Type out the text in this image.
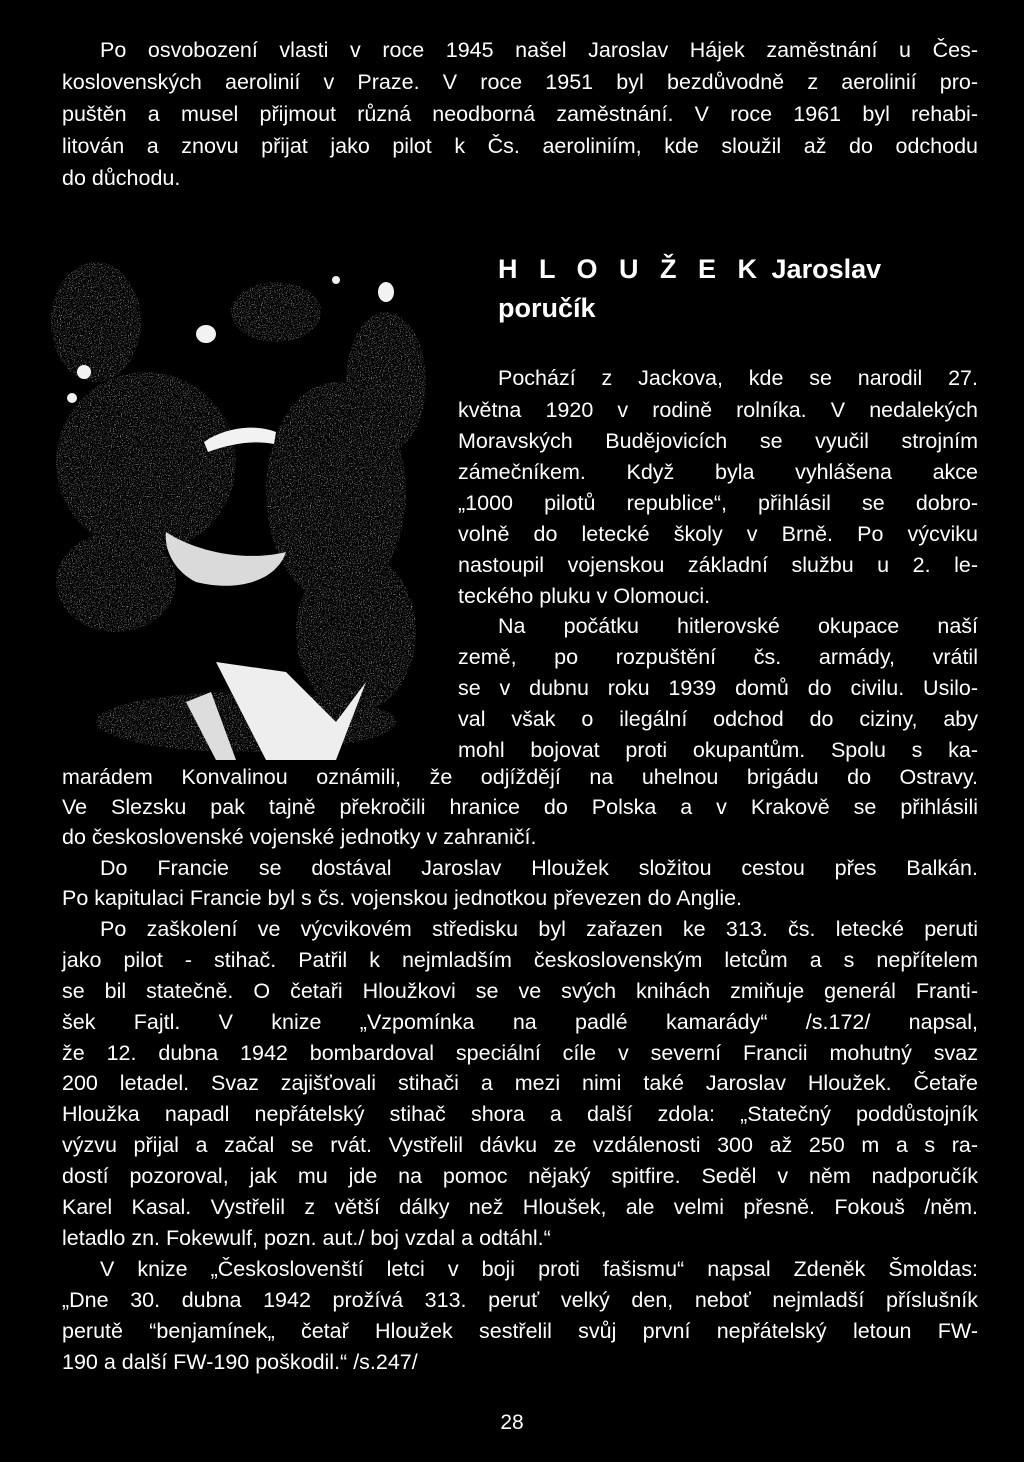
Po osvobození vlasti v roce 1945 našel Jaroslav Hájek zaměstnání u Čes-
koslovenských aerolinií v Praze. V roce 1951 byl bezdůvodně z aerolinií pro-
puštěn a musel přijmout různá neodborná zaměstnání. V roce 1961 byl rehabi-
litován a znovu přijat jako pilot k Čs. aeroliniím, kde sloužil až do odchodu
do důchodu.
H L O U Ž E K Jaroslav
poručík
Pochází z Jackova, kde se narodil 27.
května 1920 v rodině rolníka. V nedalekých
Moravských Budějovicích se vyučil strojním
zámečníkem. Když byla vyhlášena akce
„1000 pilotů republice“, přihlásil se dobro-
volně do letecké školy v Brně. Po výcviku
nastoupil vojenskou základní službu u 2. le-
teckého pluku v Olomouci.
Na počátku hitlerovské okupace naší
země, po rozpuštění čs. armády, vrátil
se v dubnu roku 1939 domů do civilu. Usilo-
val však o ilegální odchod do ciziny, aby
mohl bojovat proti okupantům. Spolu s ka-
marádem Konvalinou oznámili, že odjíždějí na uhelnou brigádu do Ostravy.
Ve Slezsku pak tajně překročili hranice do Polska a v Krakově se přihlásili
do československé vojenské jednotky v zahraničí.
Do Francie se dostával Jaroslav Hloužek složitou cestou přes Balkán.
Po kapitulaci Francie byl s čs. vojenskou jednotkou převezen do Anglie.
Po zaškolení ve výcvikovém středisku byl zařazen ke 313. čs. letecké peruti
jako pilot - stihač. Patřil k nejmladším československým letcům a s nepřítelem
se bil statečně. O četaři Hloužkovi se ve svých knihách zmiňuje generál Franti-
šek Fajtl. V knize „Vzpomínka na padlé kamarády“ /s.172/ napsal,
že 12. dubna 1942 bombardoval speciální cíle v severní Francii mohutný svaz
200 letadel. Svaz zajišťovali stihači a mezi nimi také Jaroslav Hloužek. Četaře
Hloužka napadl nepřátelský stihač shora a další zdola: „Statečný poddůstojník
výzvu přijal a začal se rvát. Vystřelil dávku ze vzdálenosti 300 až 250 m a s ra-
dostí pozoroval, jak mu jde na pomoc nějaký spitfire. Seděl v něm nadporučík
Karel Kasal. Vystřelil z větší dálky než Hloušek, ale velmi přesně. Fokouš /něm.
letadlo zn. Fokewulf, pozn. aut./ boj vzdal a odtáhl.“
V knize „Českoslovenští letci v boji proti fašismu“ napsal Zdeněk Šmoldas:
„Dne 30. dubna 1942 prožívá 313. peruť velký den, neboť nejmladší příslušník
perutě “benjamínek„ četař Hloužek sestřelil svůj první nepřátelský letoun FW-
190 a další FW-190 poškodil.“ /s.247/
28
